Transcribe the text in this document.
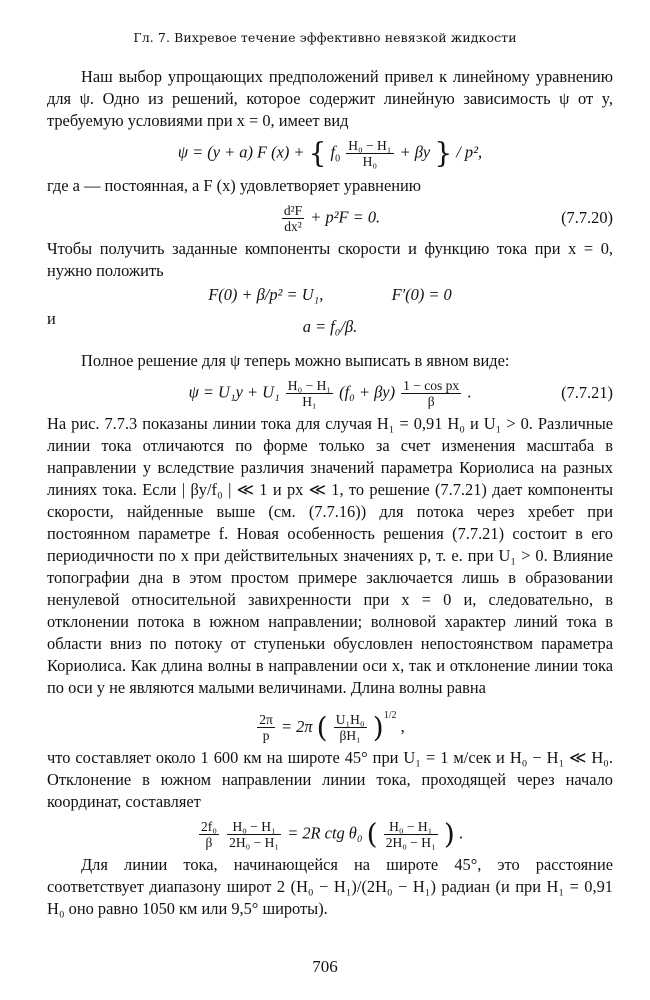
Гл. 7. Вихревое течение эффективно невязкой жидкости

Наш выбор упрощающих предположений привел к линейному уравнению для ψ. Одно из решений, которое содержит линейную зависимость ψ от y, требуемую условиями при x = 0, имеет вид

ψ = (y + a) F (x) + { $f_0 \frac{\text{H₀ − H₁}}{\text{H₀}} + \beta y$ } / p²,

где a — постоянная, а F (x) удовлетворяет уравнению

$\frac{\text{d²F}}{\text{dx²}} + p^2F = 0$.	(7.7.20)

Чтобы получить заданные компоненты скорости и функцию тока при x = 0, нужно положить

F(0) + β/p² = U₁,	F′(0) = 0

и	a = f₀/β.

Полное решение для ψ теперь можно выписать в явном виде:

$\psi = U_1y + U_1 \frac{\text{H₀ − H₁}}{\text{H₁}} (f_0 + \beta y) \frac{\text{1 − cos px}}{\beta}$ .	(7.7.21)

На рис. 7.7.3 показаны линии тока для случая H₁ = 0,91 H₀ и U₁ > 0. Различные линии тока отличаются по форме только за счет изменения масштаба в направлении y вследствие различия значений параметра Кориолиса на разных линиях тока. Если | βy/f₀ | ≪ 1 и px ≪ 1, то решение (7.7.21) дает компоненты скорости, найденные выше (см. (7.7.16)) для потока через хребет при постоянном параметре f. Новая особенность решения (7.7.21) состоит в его периодичности по x при действительных значениях p, т. е. при U₁ > 0. Влияние топографии дна в этом простом примере заключается лишь в образовании ненулевой относительной завихренности при x = 0 и, следовательно, в отклонении потока в южном направлении; волновой характер линий тока в области вниз по потоку от ступеньки обусловлен непостоянством параметра Кориолиса. Как длина волны в направлении оси x, так и отклонение линии тока по оси y не являются малыми величинами. Длина волны равна

$\frac{2\pi}{p} = 2\pi$ ( $\frac{\text{U₁H₀}}{\text{βH₁}} )^{1/2}$ ,

что составляет около 1 600 км на широте 45° при U₁ = 1 м/сек и H₀ − H₁ ≪ H₀. Отклонение в южном направлении линии тока, проходящей через начало координат, составляет

$\frac{\text{2f₀}}{\beta}$
$\frac{\text{H₀ − H₁}}{\text{2H₀ − H₁}} = 2R$ ctg θ₀ ( $\frac{\text{H₀ − H₁}}{\text{2H₀ − H₁}}$ ) .

Для линии тока, начинающейся на широте 45°, это расстояние соответствует диапазону широт 2 (H₀ − H₁)/(2H₀ − H₁) радиан (и при H₁ = 0,91 H₀ оно равно 1050 км или 9,5° широты).

706
